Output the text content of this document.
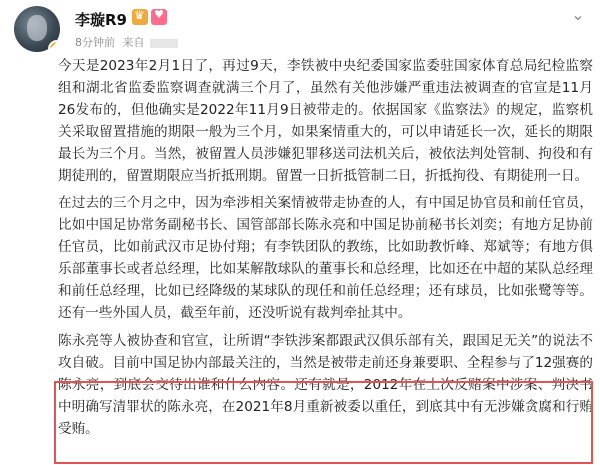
V
李璇R9
♛
♥
8分钟前 来自
⌄

今天是2023年2月1日了，再过9天，李铁被中央纪委国家监委驻国家体育总局纪检监察组和湖北省监委监察调查就满三个月了，虽然有关他涉嫌严重违法被调查的官宣是11月26发布的，但他确实是2022年11月9日被带走的。依据国家《监察法》的规定，监察机关采取留置措施的期限一般为三个月，如果案情重大的，可以申请延长一次，延长的期限最长为三个月。当然，被留置人员涉嫌犯罪移送司法机关后，被依法判处管制、拘役和有期徒刑的，留置期限应当折抵刑期。留置一日折抵管制二日，折抵拘役、有期徒刑一日。

在过去的三个月之中，因为牵涉相关案情被带走协查的人，有中国足协官员和前任官员，比如中国足协常务副秘书长、国管部部长陈永亮和中国足协前秘书长刘奕；有地方足协前任官员，比如前武汉市足协付翔；有李铁团队的教练，比如助教忻峰、郑斌等；有地方俱乐部董事长或者总经理，比如某解散球队的董事长和总经理，比如还在中超的某队总经理和前任总经理，比如已经降级的某球队的现任和前任总经理；还有球员，比如张鹭等等。还有一些外国人员，截至年前，还没听说有裁判牵扯其中。

陈永亮等人被协查和官宣，让所谓“李铁涉案都跟武汉俱乐部有关，跟国足无关”的说法不攻自破。目前中国足协内部最关注的，当然是被带走前还身兼要职、全程参与了12强赛的陈永亮，到底会交待出谁和什么内容。还有就是，2012年在上次反赌案中涉案、判决书中明确写清罪状的陈永亮，在2021年8月重新被委以重任，到底其中有无涉嫌贪腐和行贿受贿。
